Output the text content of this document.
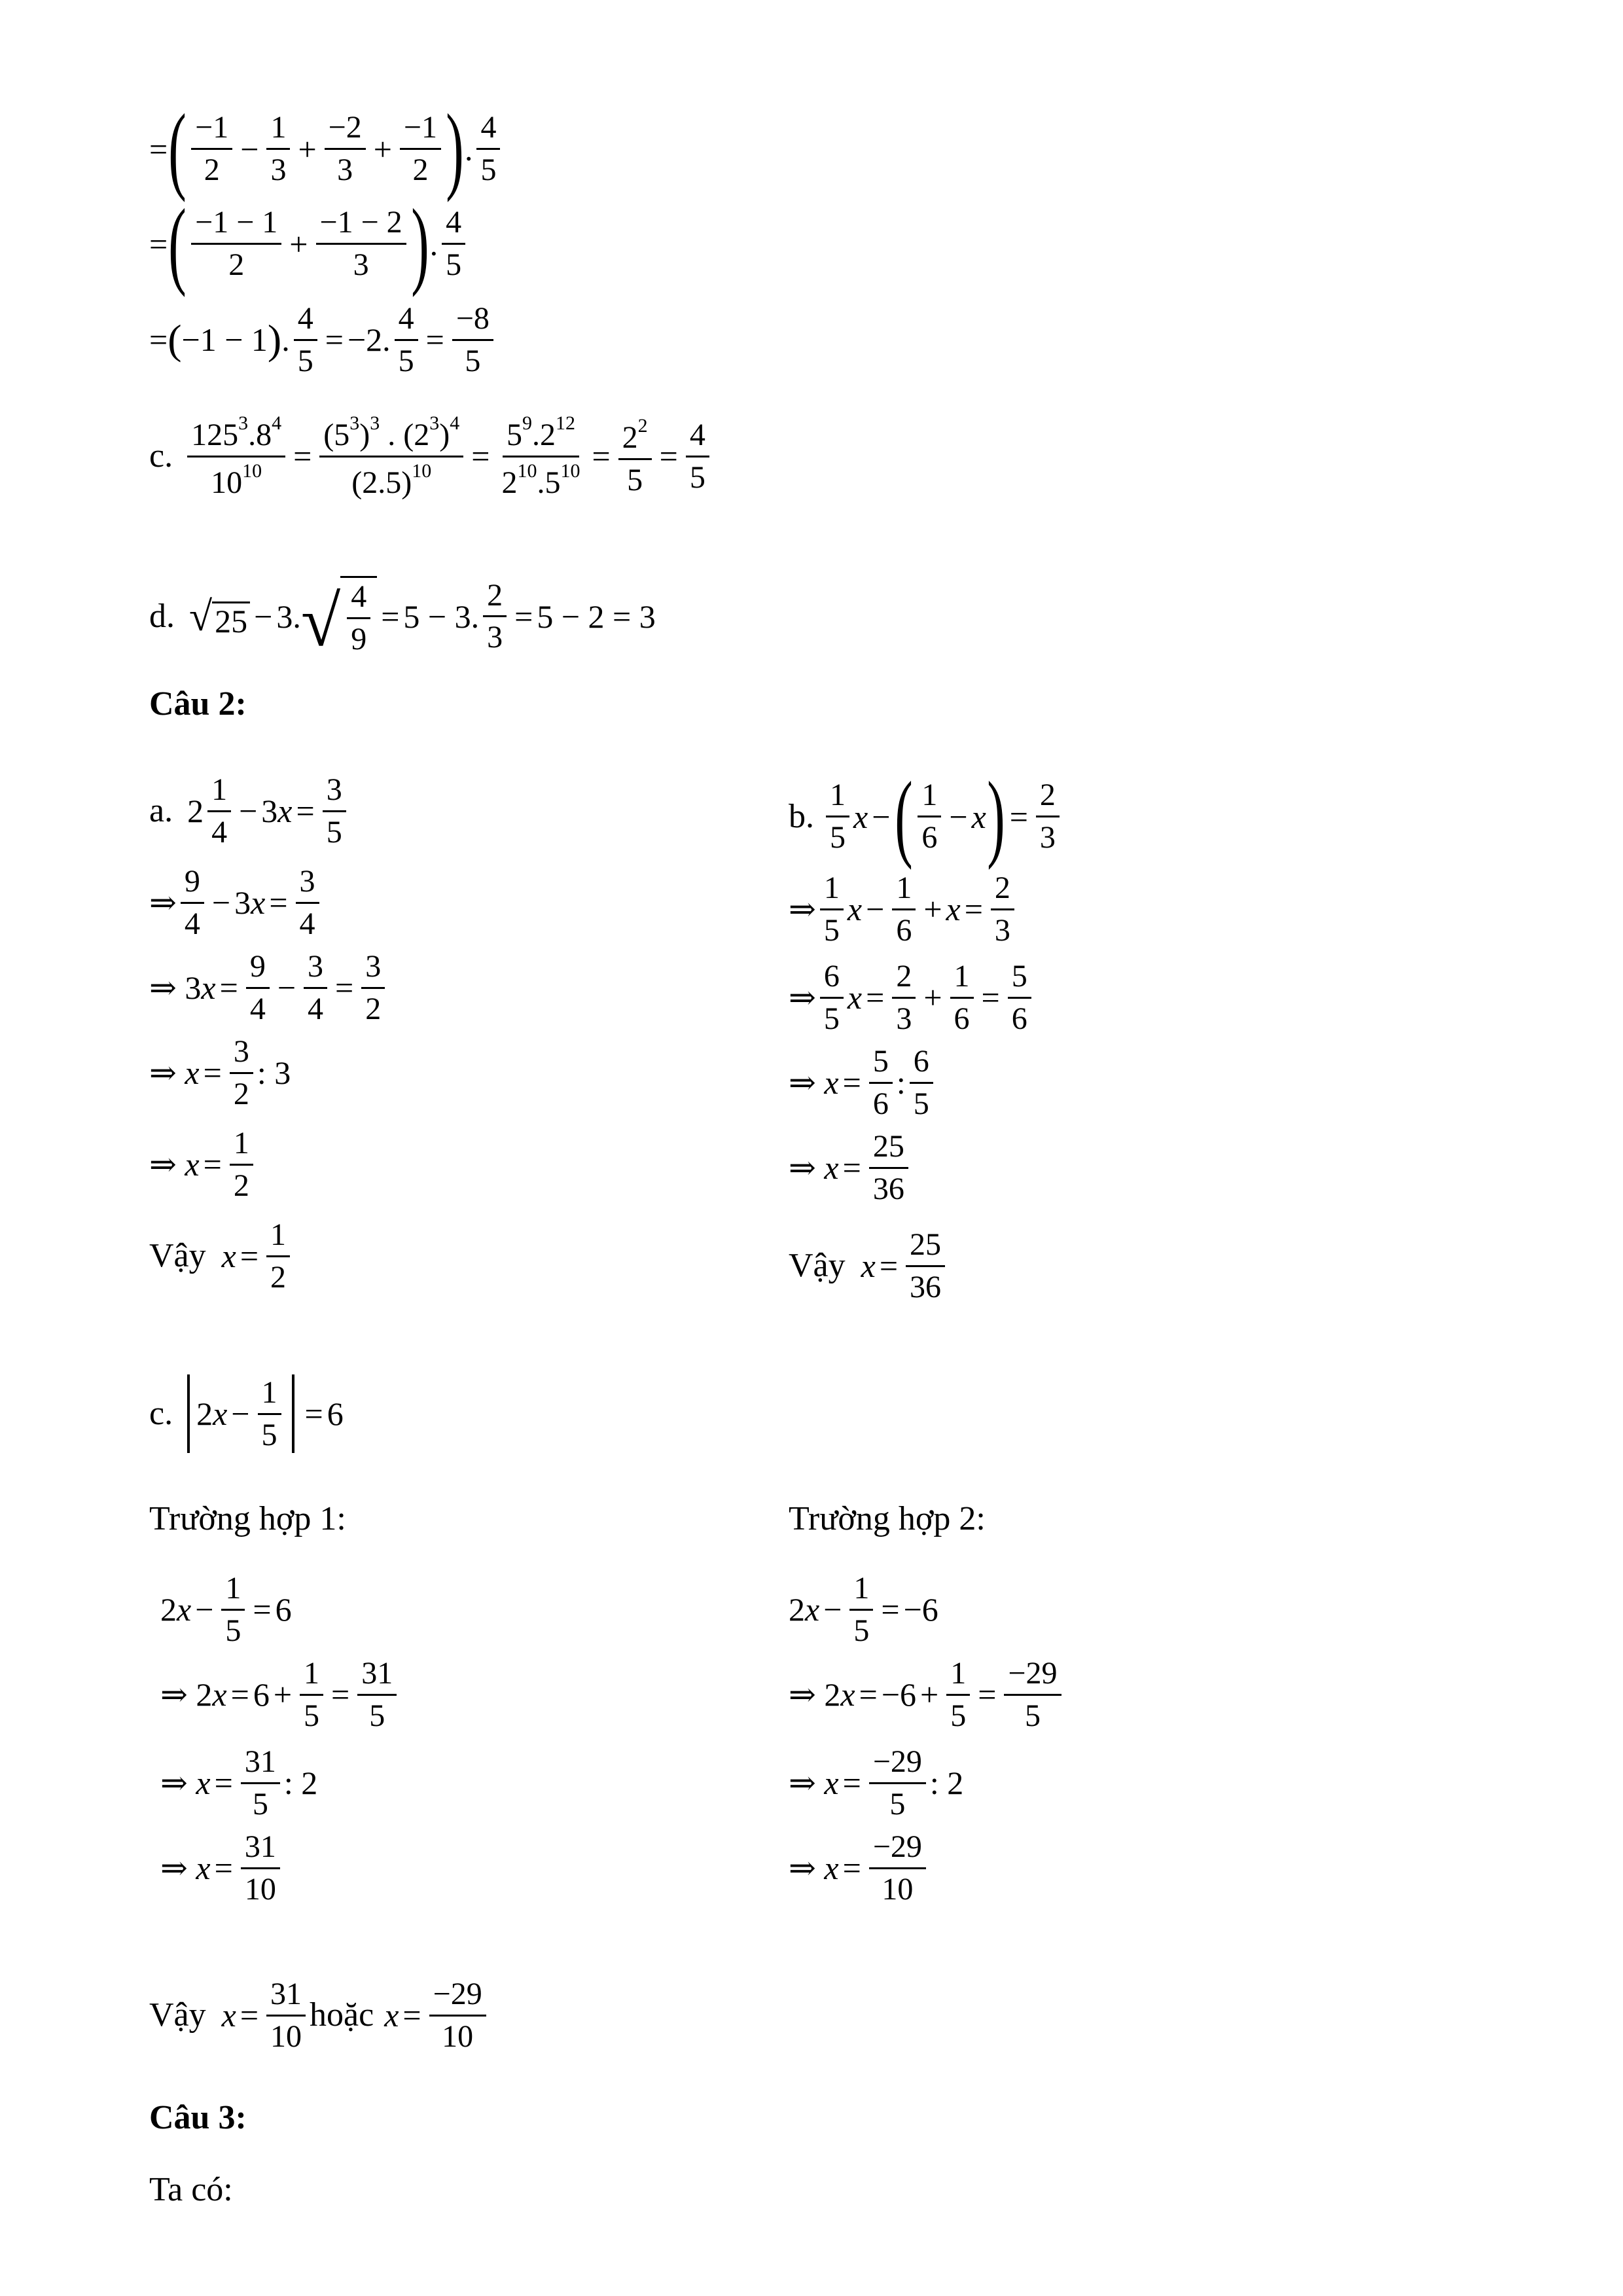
= ( $\frac{-1}{2} - \frac{1}{3} + \frac{-2}{3} + \frac{-1}{2}$ ) . $\frac{4}{5}$
= ( $\frac{-1 - 1}{2} + \frac{-1 - 2}{3}$ ) . $\frac{4}{5}$
= ( −1 − 1 ) . $\frac{4}{5} = -2$. $\frac{4}{5} = \frac{-8}{5}$
c. $\frac{125^3.8^4}{10^{10}} = \frac{(5^3)^3 . (2^3)^4}{(2.5)^{10}} = \frac{5^9.2^{12}}{2^{10}.5^{10}} = \frac{2^2}{5} = \frac{4}{5}$
d. √ 25 − 3. √ $\frac{4}{9} = 5 - 3$. $\frac{2}{3} = 5 - 2 = 3$
Câu 2:
a. $2 \frac{1}{4} - 3x = \frac{3}{5}$
⇒ $\frac{9}{4} - 3x = \frac{3}{4}$
⇒ $3x = \frac{9}{4} - \frac{3}{4} = \frac{3}{2}$
⇒ $x = \frac{3}{2}$ : 3
⇒ $x = \frac{1}{2}$
Vậy $x = \frac{1}{2}$
b. $\frac{1}{5}$ x − ( $\frac{1}{6} - x$ ) = $\frac{2}{3}$
⇒ $\frac{1}{5}$ $x - \frac{1}{6} + x = \frac{2}{3}$
⇒ $\frac{6}{5}$ $x = \frac{2}{3} + \frac{1}{6} = \frac{5}{6}$
⇒ $x = \frac{5}{6}$ : $\frac{6}{5}$
⇒ $x = \frac{25}{36}$
Vậy $x = \frac{25}{36}$
c. $2x - \frac{1}{5} = 6$
Trường hợp 1:	Trường hợp 2:
$2x - \frac{1}{5} = 6$
⇒ $2x = 6 + \frac{1}{5} = \frac{31}{5}$
⇒ $x = \frac{31}{5}$ : 2
⇒ $x = \frac{31}{10}$
$2x - \frac{1}{5} = -6$
⇒ $2x = -6 + \frac{1}{5} = \frac{-29}{5}$
⇒ $x = \frac{-29}{5}$ : 2
⇒ $x = \frac{-29}{10}$
Vậy $x = \frac{31}{10}$ hoặc $x = \frac{-29}{10}$
Câu 3:
Ta có:
